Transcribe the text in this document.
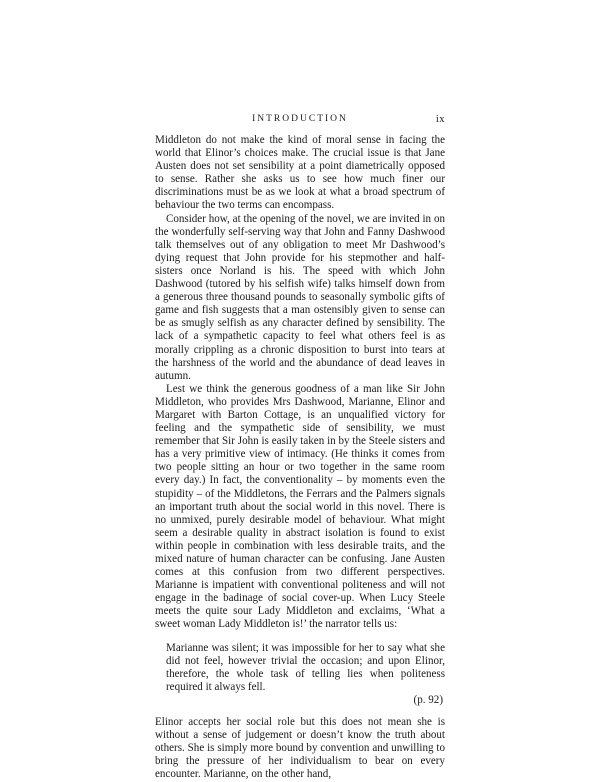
INTRODUCTION	ix

Middleton do not make the kind of moral sense in facing the world that Elinor’s choices make. The crucial issue is that Jane Austen does not set sensibility at a point diametrically opposed to sense. Rather she asks us to see how much finer our discriminations must be as we look at what a broad spectrum of behaviour the two terms can encompass.

Consider how, at the opening of the novel, we are invited in on the wonderfully self-serving way that John and Fanny Dashwood talk themselves out of any obligation to meet Mr Dashwood’s dying request that John provide for his stepmother and half-sisters once Norland is his. The speed with which John Dashwood (tutored by his selfish wife) talks himself down from a generous three thousand pounds to seasonally symbolic gifts of game and fish suggests that a man ostensibly given to sense can be as smugly selfish as any character defined by sensibility. The lack of a sympathetic capacity to feel what others feel is as morally crippling as a chronic disposition to burst into tears at the harshness of the world and the abundance of dead leaves in autumn.

Lest we think the generous goodness of a man like Sir John Middleton, who provides Mrs Dashwood, Marianne, Elinor and Margaret with Barton Cottage, is an unqualified victory for feeling and the sympathetic side of sensibility, we must remember that Sir John is easily taken in by the Steele sisters and has a very primitive view of intimacy. (He thinks it comes from two people sitting an hour or two together in the same room every day.) In fact, the conventionality – by moments even the stupidity – of the Middletons, the Ferrars and the Palmers signals an important truth about the social world in this novel. There is no unmixed, purely desirable model of behaviour. What might seem a desirable quality in abstract isolation is found to exist within people in combination with less desirable traits, and the mixed nature of human character can be confusing. Jane Austen comes at this confusion from two different perspectives. Marianne is impatient with conventional politeness and will not engage in the badinage of social cover-up. When Lucy Steele meets the quite sour Lady Middleton and exclaims, ‘What a sweet woman Lady Middleton is!’ the narrator tells us:

Marianne was silent; it was impossible for her to say what she did not feel, however trivial the occasion; and upon Elinor, therefore, the whole task of telling lies when politeness required it always fell.
(p. 92)

Elinor accepts her social role but this does not mean she is without a sense of judgement or doesn’t know the truth about others. She is simply more bound by convention and unwilling to bring the pressure of her individualism to bear on every encounter. Marianne, on the other hand,
